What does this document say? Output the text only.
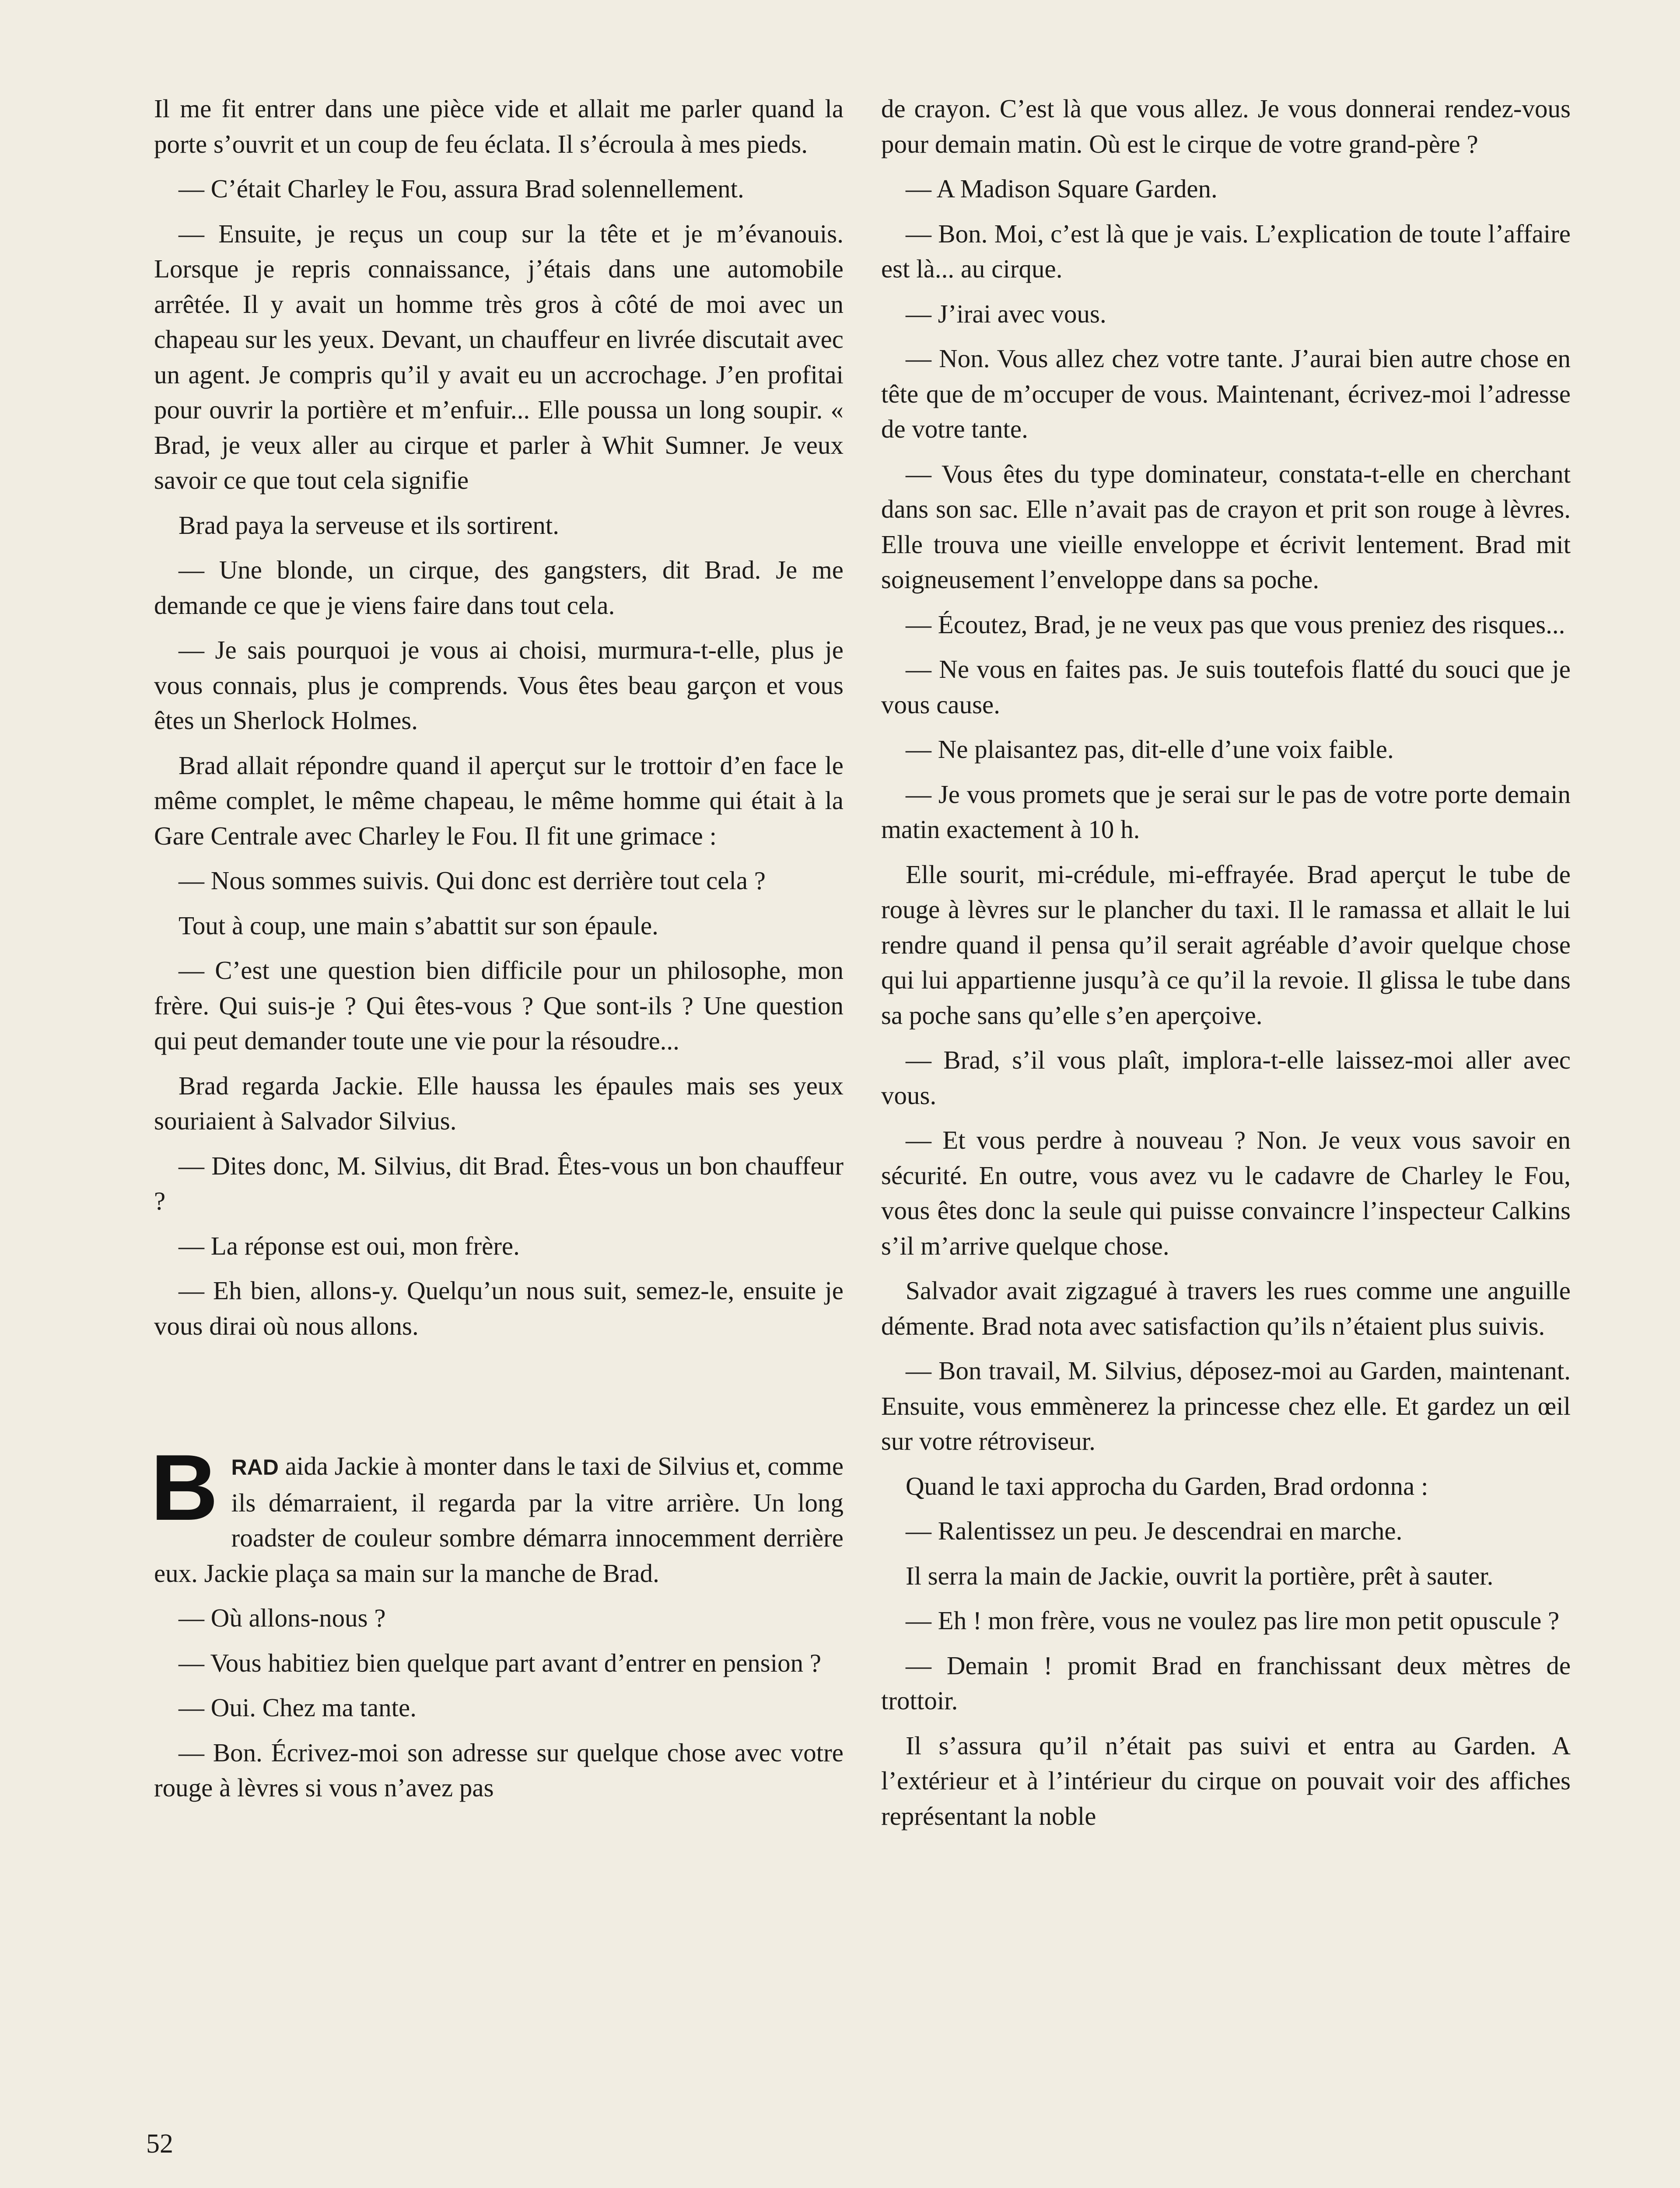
Il me fit entrer dans une pièce vide et allait me parler quand la porte s’ouvrit et un coup de feu éclata. Il s’écroula à mes pieds.

— C’était Charley le Fou, assura Brad solennellement.

— Ensuite, je reçus un coup sur la tête et je m’évanouis. Lorsque je repris connaissance, j’étais dans une automobile arrêtée. Il y avait un homme très gros à côté de moi avec un chapeau sur les yeux. Devant, un chauffeur en livrée discutait avec un agent. Je compris qu’il y avait eu un accrochage. J’en profitai pour ouvrir la portière et m’enfuir... Elle poussa un long soupir. « Brad, je veux aller au cirque et parler à Whit Sumner. Je veux savoir ce que tout cela signifie

Brad paya la serveuse et ils sortirent.

— Une blonde, un cirque, des gangsters, dit Brad. Je me demande ce que je viens faire dans tout cela.

— Je sais pourquoi je vous ai choisi, murmura-t-elle, plus je vous connais, plus je comprends. Vous êtes beau garçon et vous êtes un Sherlock Holmes.

Brad allait répondre quand il aperçut sur le trottoir d’en face le même complet, le même chapeau, le même homme qui était à la Gare Centrale avec Charley le Fou. Il fit une grimace :

— Nous sommes suivis. Qui donc est derrière tout cela ?

Tout à coup, une main s’abattit sur son épaule.

— C’est une question bien difficile pour un philosophe, mon frère. Qui suis-je ? Qui êtes-vous ? Que sont-ils ? Une question qui peut demander toute une vie pour la résoudre...

Brad regarda Jackie. Elle haussa les épaules mais ses yeux souriaient à Salvador Silvius.

— Dites donc, M. Silvius, dit Brad. Êtes-vous un bon chauffeur ?

— La réponse est oui, mon frère.

— Eh bien, allons-y. Quelqu’un nous suit, semez-le, ensuite je vous dirai où nous allons.

B RAD aida Jackie à monter dans le taxi de Silvius et, comme ils démarraient, il regarda par la vitre arrière. Un long roadster de couleur sombre démarra innocemment derrière eux. Jackie plaça sa main sur la manche de Brad.

— Où allons-nous ?

— Vous habitiez bien quelque part avant d’entrer en pension ?

— Oui. Chez ma tante.

— Bon. Écrivez-moi son adresse sur quelque chose avec votre rouge à lèvres si vous n’avez pas

de crayon. C’est là que vous allez. Je vous donnerai rendez-vous pour demain matin. Où est le cirque de votre grand-père ?

— A Madison Square Garden.

— Bon. Moi, c’est là que je vais. L’explication de toute l’affaire est là... au cirque.

— J’irai avec vous.

— Non. Vous allez chez votre tante. J’aurai bien autre chose en tête que de m’occuper de vous. Maintenant, écrivez-moi l’adresse de votre tante.

— Vous êtes du type dominateur, constata-t-elle en cherchant dans son sac. Elle n’avait pas de crayon et prit son rouge à lèvres. Elle trouva une vieille enveloppe et écrivit lentement. Brad mit soigneusement l’enveloppe dans sa poche.

— Écoutez, Brad, je ne veux pas que vous preniez des risques...

— Ne vous en faites pas. Je suis toutefois flatté du souci que je vous cause.

— Ne plaisantez pas, dit-elle d’une voix faible.

— Je vous promets que je serai sur le pas de votre porte demain matin exactement à 10 h.

Elle sourit, mi-crédule, mi-effrayée. Brad aperçut le tube de rouge à lèvres sur le plancher du taxi. Il le ramassa et allait le lui rendre quand il pensa qu’il serait agréable d’avoir quelque chose qui lui appartienne jusqu’à ce qu’il la revoie. Il glissa le tube dans sa poche sans qu’elle s’en aperçoive.

— Brad, s’il vous plaît, implora-t-elle laissez-moi aller avec vous.

— Et vous perdre à nouveau ? Non. Je veux vous savoir en sécurité. En outre, vous avez vu le cadavre de Charley le Fou, vous êtes donc la seule qui puisse convaincre l’inspecteur Calkins s’il m’arrive quelque chose.

Salvador avait zigzagué à travers les rues comme une anguille démente. Brad nota avec satisfaction qu’ils n’étaient plus suivis.

— Bon travail, M. Silvius, déposez-moi au Garden, maintenant. Ensuite, vous emmènerez la princesse chez elle. Et gardez un œil sur votre rétroviseur.

Quand le taxi approcha du Garden, Brad ordonna :

— Ralentissez un peu. Je descendrai en marche.

Il serra la main de Jackie, ouvrit la portière, prêt à sauter.

— Eh ! mon frère, vous ne voulez pas lire mon petit opuscule ?

— Demain ! promit Brad en franchissant deux mètres de trottoir.

Il s’assura qu’il n’était pas suivi et entra au Garden. A l’extérieur et à l’intérieur du cirque on pouvait voir des affiches représentant la noble

52
